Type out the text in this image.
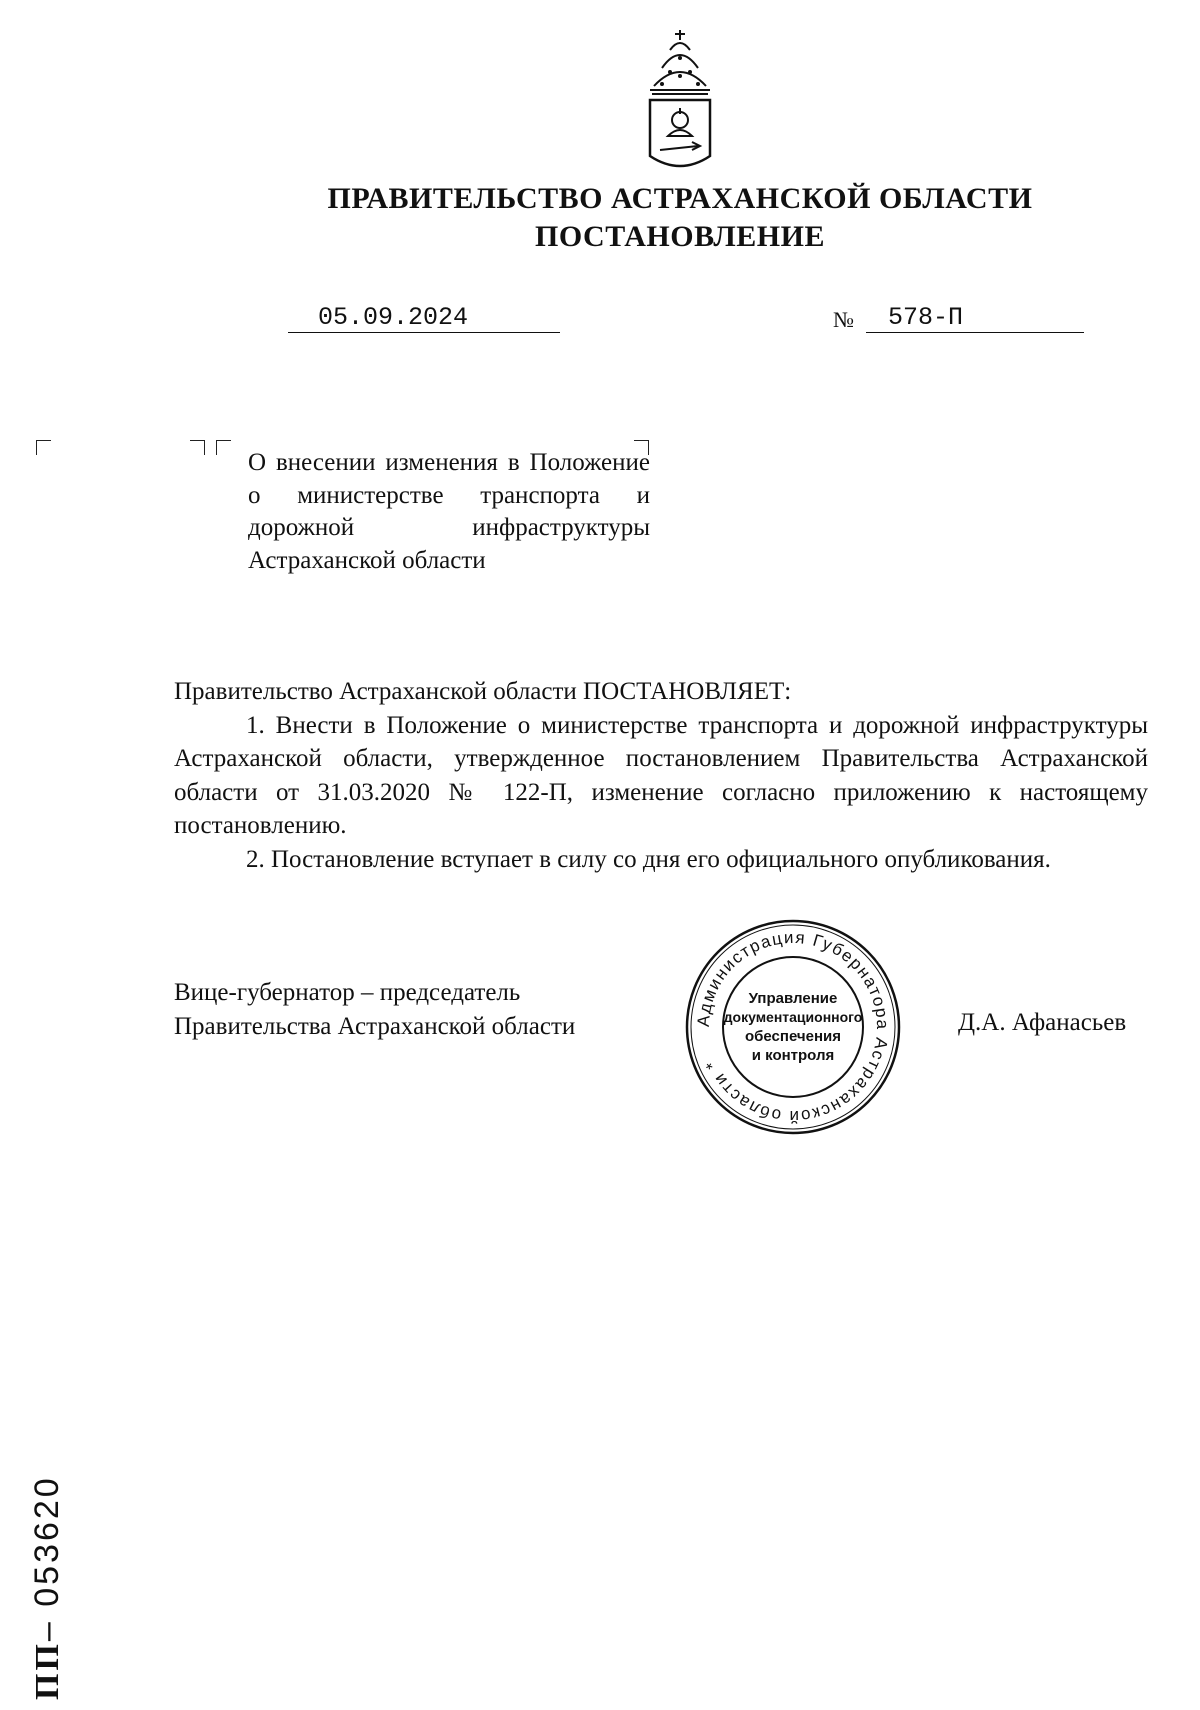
ПРАВИТЕЛЬСТВО АСТРАХАНСКОЙ ОБЛАСТИ
ПОСТАНОВЛЕНИЕ
05.09.2024	№ 578-П
О внесении изменения в Положение о министерстве транспорта и дорожной инфраструктуры Астраханской области

Правительство Астраханской области ПОСТАНОВЛЯЕТ:

1. Внести в Положение о министерстве транспорта и дорожной инфраструктуры Астраханской области, утвержденное постановлением Правительства Астраханской области от 31.03.2020 № 122-П, изменение согласно приложению к настоящему постановлению.

2. Постановление вступает в силу со дня его официального опубликования.

Вице-губернатор – председатель
Правительства Астраханской области	Администрация Губернатора Астраханской области *
Управление
документационного
обеспечения
и контроля
Д.А. Афанасьев
ПП– 053620
